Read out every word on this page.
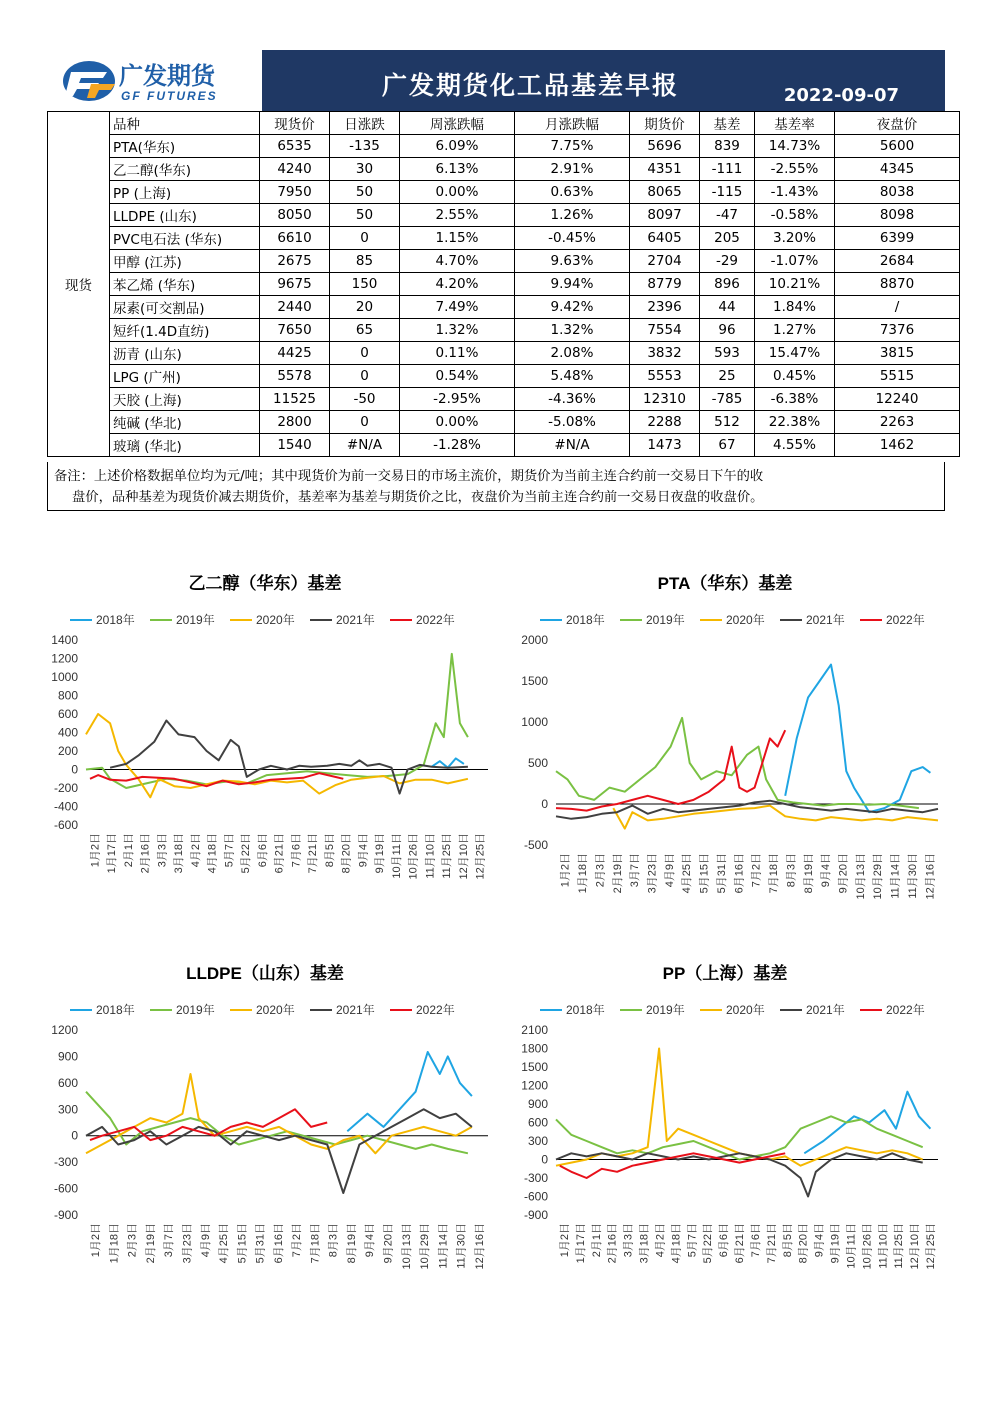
广发期货
GF FUTURES	广发期货化工品基差早报	2022-09-07
现货	品种	现货价	日涨跌	周涨跌幅	月涨跌幅	期货价	基差	基差率	夜盘价
	PTA(华东)	6535	-135	6.09%	7.75%	5696	839	14.73%	5600
	乙二醇(华东)	4240	30	6.13%	2.91%	4351	-111	-2.55%	4345
	PP (上海)	7950	50	0.00%	0.63%	8065	-115	-1.43%	8038
	LLDPE (山东)	8050	50	2.55%	1.26%	8097	-47	-0.58%	8098
	PVC电石法 (华东)	6610	0	1.15%	-0.45%	6405	205	3.20%	6399
	甲醇 (江苏)	2675	85	4.70%	9.63%	2704	-29	-1.07%	2684
	苯乙烯 (华东)	9675	150	4.20%	9.94%	8779	896	10.21%	8870
	尿素(可交割品)	2440	20	7.49%	9.42%	2396	44	1.84%	/
	短纤(1.4D直纺)	7650	65	1.32%	1.32%	7554	96	1.27%	7376
	沥青 (山东)	4425	0	0.11%	2.08%	3832	593	15.47%	3815
	LPG (广州)	5578	0	0.54%	5.48%	5553	25	0.45%	5515
	天胶 (上海)	11525	-50	-2.95%	-4.36%	12310	-785	-6.38%	12240
	纯碱 (华北)	2800	0	0.00%	-5.08%	2288	512	22.38%	2263
	玻璃 (华北)	1540	#N/A	-1.28%	#N/A	1473	67	4.55%	1462
备注：上述价格数据单位均为元/吨；其中现货价为前一交易日的市场主流价，期货价为当前主连合约前一交易日下午的收
盘价，品种基差为现货价减去期货价，基差率为基差与期货价之比，夜盘价为当前主连合约前一交易日夜盘的收盘价。
乙二醇（华东）基差
2018年	2019年	2020年	2021年	2022年
1400
1200
1000
800
600
400
200
0
-200
-400
-600
1月2日 1月17日 2月1日 2月16日 3月3日 3月18日 4月2日 4月18日 5月7日 5月22日 6月6日 6月21日 7月6日 7月21日 8月5日 8月20日 9月4日 9月19日 10月11日 10月26日 11月10日 11月25日 12月10日 12月25日
PTA（华东）基差
2018年	2019年	2020年	2021年	2022年
2000
1500
1000
500
0
-500
1月2日 1月18日 2月3日 2月19日 3月7日 3月23日 4月9日 4月25日 5月15日 5月31日 6月16日 7月2日 7月18日 8月3日 8月19日 9月4日 9月20日 10月13日 10月29日 11月14日 11月30日 12月16日
LLDPE（山东）基差
2018年	2019年	2020年	2021年	2022年
1200
900
600
300
0
-300
-600
-900
1月2日 1月18日 2月3日 2月19日 3月7日 3月23日 4月9日 4月25日 5月15日 5月31日 6月16日 7月2日 7月18日 8月3日 8月19日 9月4日 9月20日 10月13日 10月29日 11月14日 11月30日 12月16日
PP（上海）基差
2018年	2019年	2020年	2021年	2022年
2100
1800
1500
1200
900
600
300
0
-300
-600
-900
1月2日 1月17日 2月1日 2月16日 3月3日 3月18日 4月2日 4月18日 5月7日 5月22日 6月6日 6月21日 7月6日 7月21日 8月5日 8月20日 9月4日 9月19日 10月11日 10月26日 11月10日 11月25日 12月10日 12月25日
